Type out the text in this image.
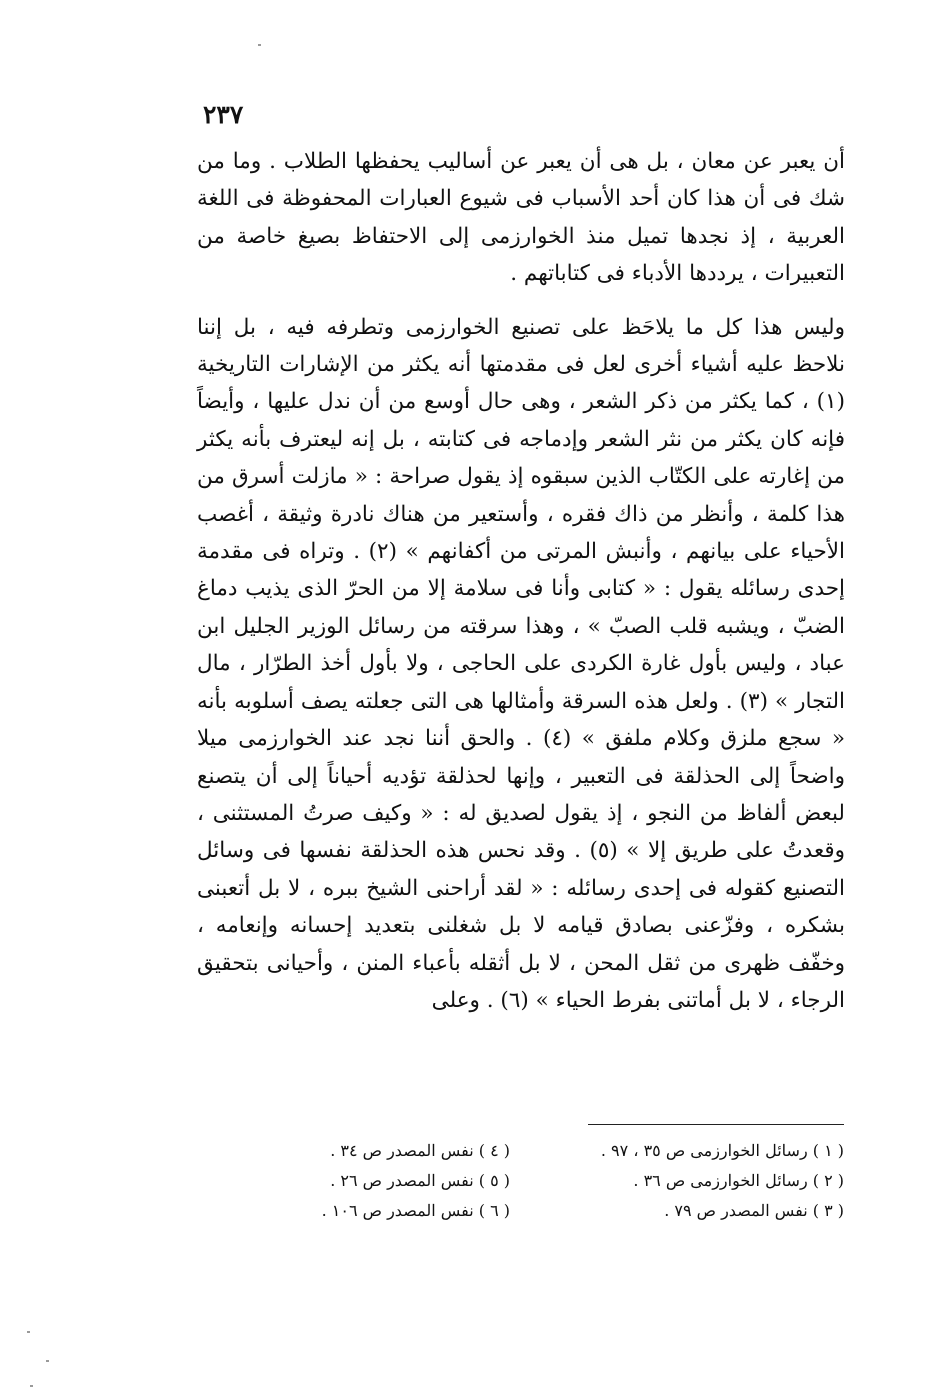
٢٣٧

أن يعبر عن معان ، بل هى أن يعبر عن أساليب يحفظها الطلاب . وما من شك فى أن هذا كان أحد الأسباب فى شيوع العبارات المحفوظة فى اللغة العربية ، إذ نجدها تميل منذ الخوارزمى إلى الاحتفاظ بصيغ خاصة من التعبيرات ، يرددها الأدباء فى كتاباتهم .

وليس هذا كل ما يلاحَظ على تصنيع الخوارزمى وتطرفه فيه ، بل إننا نلاحظ عليه أشياء أخرى لعل فى مقدمتها أنه يكثر من الإشارات التاريخية (١) ، كما يكثر من ذكر الشعر ، وهى حال أوسع من أن ندل عليها ، وأيضاً فإنه كان يكثر من نثر الشعر وإدماجه فى كتابته ، بل إنه ليعترف بأنه يكثر من إغارته على الكتّاب الذين سبقوه إذ يقول صراحة : « مازلت أسرق من هذا كلمة ، وأنظر من ذاك فقره ، وأستعير من هناك نادرة وثيقة ، أغصب الأحياء على بيانهم ، وأنبش المرتى من أكفانهم » (٢) . وتراه فى مقدمة إحدى رسائله يقول : « كتابى وأنا فى سلامة إلا من الحرّ الذى يذيب دماغ الضبّ ، ويشبه قلب الصبّ » ، وهذا سرقته من رسائل الوزير الجليل ابن عباد ، وليس بأول غارة الكردى على الحاجى ، ولا بأول أخذ الطرّار ، مال التجار » (٣) . ولعل هذه السرقة وأمثالها هى التى جعلته يصف أسلوبه بأنه « سجع ملزق وكلام ملفق » (٤) . والحق أننا نجد عند الخوارزمى ميلا واضحاً إلى الحذلقة فى التعبير ، وإنها لحذلقة تؤديه أحياناً إلى أن يتصنع لبعض ألفاظ من النجو ، إذ يقول لصديق له : « وكيف صرتُ المستثنى ، وقعدتُ على طريق إلا » (٥) . وقد نحس هذه الحذلقة نفسها فى وسائل التصنيع كقوله فى إحدى رسائله : « لقد أراحنى الشيخ ببره ، لا بل أتعبنى بشكره ، وفزّعنى بصادق قيامه لا بل شغلنى بتعديد إحسانه وإنعامه ، وخفّف ظهرى من ثقل المحن ، لا بل أثقله بأعباء المنن ، وأحيانى بتحقيق الرجاء ، لا بل أماتنى بفرط الحياء » (٦) . وعلى

( ١ ) رسائل الخوارزمى ص ٣٥ ، ٩٧ .
( ٢ ) رسائل الخوارزمى ص ٣٦ .
( ٣ ) نفس المصدر ص ٧٩ .
( ٤ ) نفس المصدر ص ٣٤ .
( ٥ ) نفس المصدر ص ٢٦ .
( ٦ ) نفس المصدر ص ١٠٦ .
